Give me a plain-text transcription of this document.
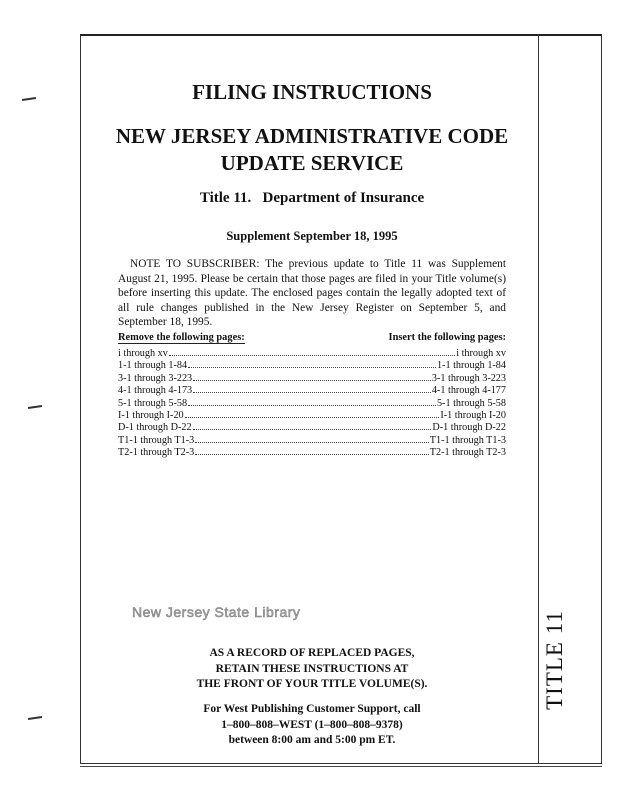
TITLE 11
FILING INSTRUCTIONS
NEW JERSEY ADMINISTRATIVE CODE
UPDATE SERVICE
Title 11.   Department of Insurance
Supplement September 18, 1995
NOTE TO SUBSCRIBER: The previous update to Title 11 was Supplement August 21, 1995. Please be certain that those pages are filed in your Title volume(s) before inserting this update. The enclosed pages contain the legally adopted text of all rule changes published in the New Jersey Register on September 5, and September 18, 1995.
Remove the following pages:	Insert the following pages:
i through xv	i through xv
1-1 through 1-84	1-1 through 1-84
3-1 through 3-223	3-1 through 3-223
4-1 through 4-173	4-1 through 4-177
5-1 through 5-58	5-1 through 5-58
I-1 through I-20	I-1 through I-20
D-1 through D-22	D-1 through D-22
T1-1 through T1-3	T1-1 through T1-3
T2-1 through T2-3	T2-1 through T2-3
New Jersey State Library
AS A RECORD OF REPLACED PAGES,
RETAIN THESE INSTRUCTIONS AT
THE FRONT OF YOUR TITLE VOLUME(S).
For West Publishing Customer Support, call
1–800–808–WEST (1–800–808–9378)
between 8:00 am and 5:00 pm ET.
